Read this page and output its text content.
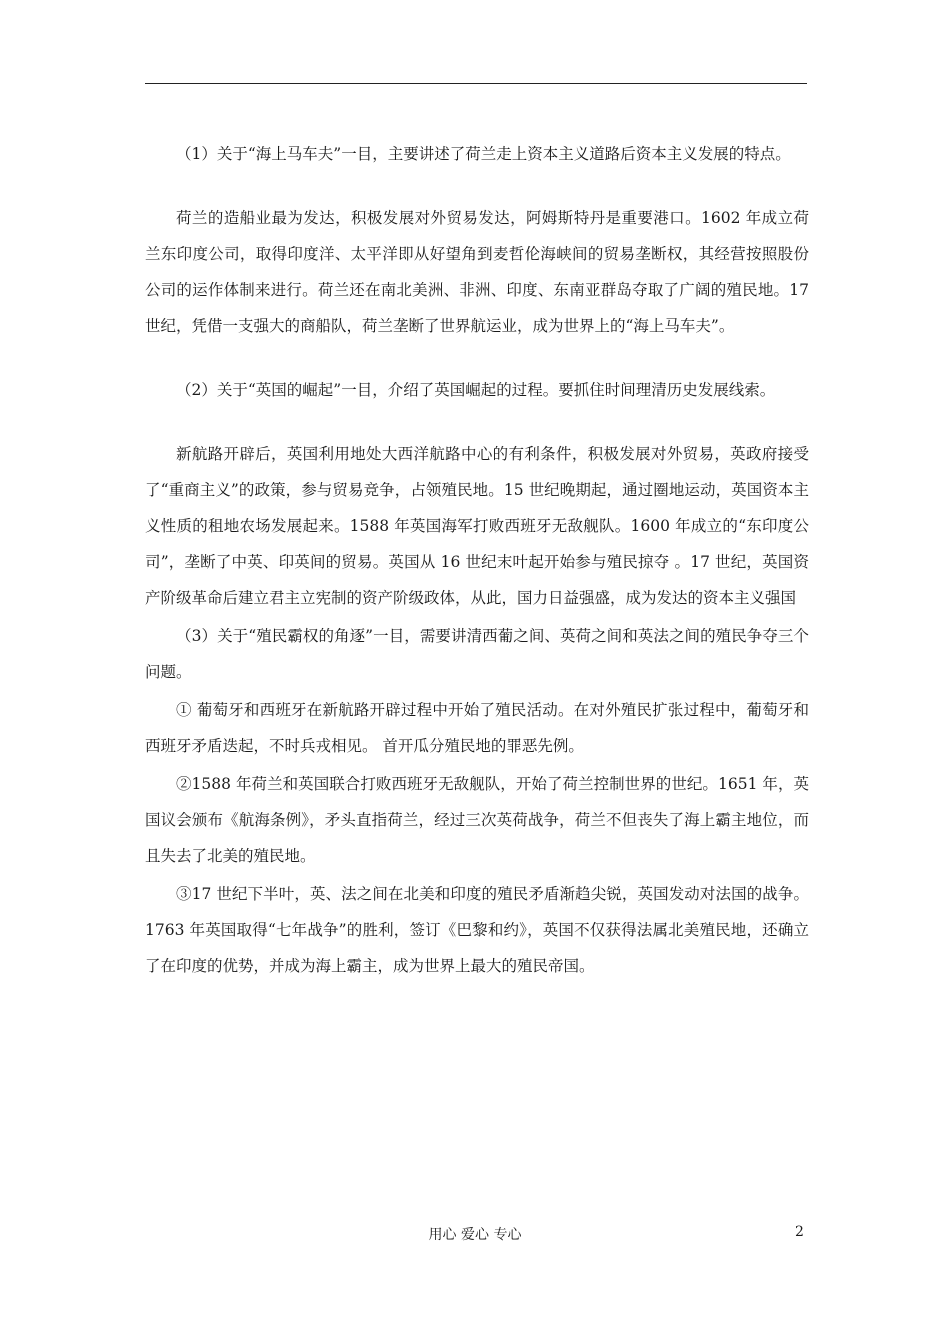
（1）关于“海上马车夫”一目，主要讲述了荷兰走上资本主义道路后资本主义发展的特点。

荷兰的造船业最为发达，积极发展对外贸易发达，阿姆斯特丹是重要港口。1602 年成立荷兰东印度公司，取得印度洋、太平洋即从好望角到麦哲伦海峡间的贸易垄断权，其经营按照股份公司的运作体制来进行。荷兰还在南北美洲、非洲、印度、东南亚群岛夺取了广阔的殖民地。17 世纪，凭借一支强大的商船队，荷兰垄断了世界航运业，成为世界上的“海上马车夫”。

（2）关于“英国的崛起”一目，介绍了英国崛起的过程。要抓住时间理清历史发展线索。

新航路开辟后，英国利用地处大西洋航路中心的有利条件，积极发展对外贸易，英政府接受了“重商主义”的政策，参与贸易竞争，占领殖民地。15 世纪晚期起，通过圈地运动，英国资本主义性质的租地农场发展起来。1588 年英国海军打败西班牙无敌舰队。1600 年成立的“东印度公司”，垄断了中英、印英间的贸易。英国从 16 世纪末叶起开始参与殖民掠夺 。17 世纪，英国资产阶级革命后建立君主立宪制的资产阶级政体，从此，国力日益强盛，成为发达的资本主义强国

（3）关于“殖民霸权的角逐”一目，需要讲清西葡之间、英荷之间和英法之间的殖民争夺三个问题。

① 葡萄牙和西班牙在新航路开辟过程中开始了殖民活动。在对外殖民扩张过程中，葡萄牙和西班牙矛盾迭起，不时兵戎相见。 首开瓜分殖民地的罪恶先例。

②1588 年荷兰和英国联合打败西班牙无敌舰队，开始了荷兰控制世界的世纪。1651 年，英国议会颁布《航海条例》，矛头直指荷兰，经过三次英荷战争，荷兰不但丧失了海上霸主地位，而且失去了北美的殖民地。

③17 世纪下半叶，英、法之间在北美和印度的殖民矛盾渐趋尖锐，英国发动对法国的战争。1763 年英国取得“七年战争”的胜利，签订《巴黎和约》，英国不仅获得法属北美殖民地，还确立了在印度的优势，并成为海上霸主，成为世界上最大的殖民帝国。

用心 爱心 专心	2
